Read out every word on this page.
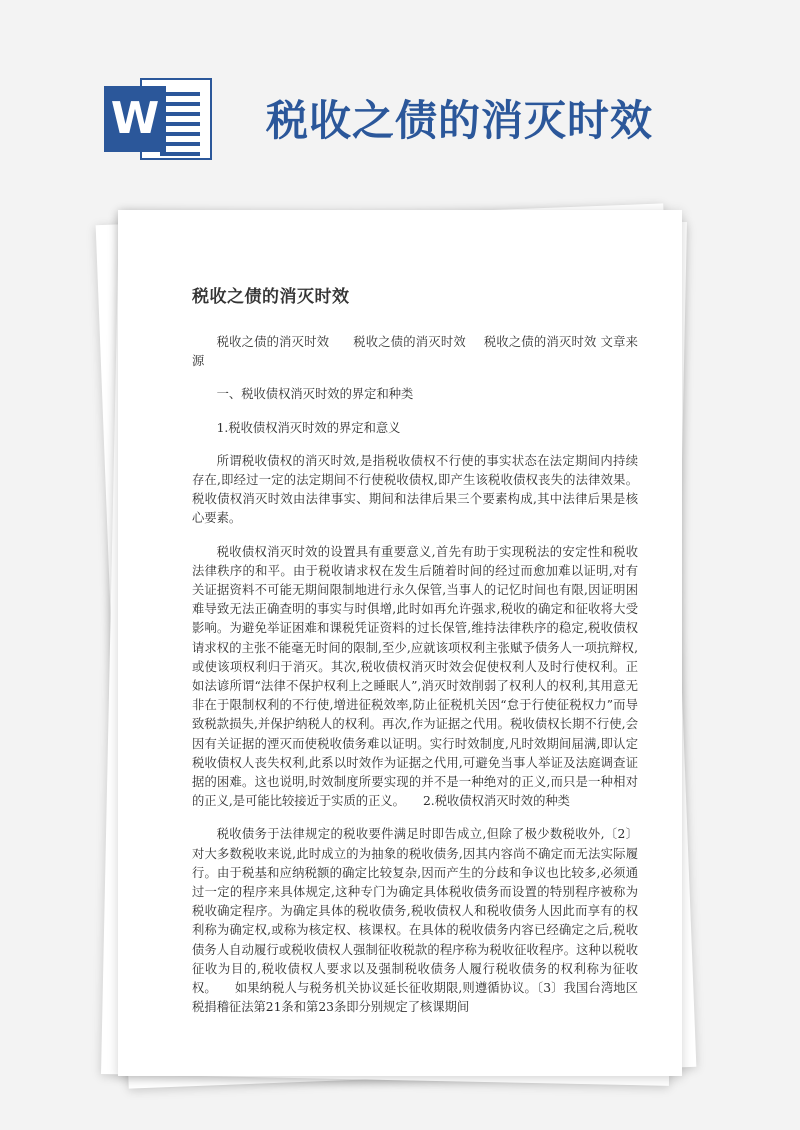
W	税收之债的消灭时效
税收之债的消灭时效

税收之债的消灭时效 税收之债的消灭时效 税收之债的消灭时效 文章来源

一、税收债权消灭时效的界定和种类

1.税收债权消灭时效的界定和意义

所谓税收债权的消灭时效,是指税收债权不行使的事实状态在法定期间内持续存在,即经过一定的法定期间不行使税收债权,即产生该税收债权丧失的法律效果。税收债权消灭时效由法律事实、期间和法律后果三个要素构成,其中法律后果是核心要素。

税收债权消灭时效的设置具有重要意义,首先有助于实现税法的安定性和税收法律秩序的和平。由于税收请求权在发生后随着时间的经过而愈加难以证明,对有关证据资料不可能无期间限制地进行永久保管,当事人的记忆时间也有限,因证明困难导致无法正确查明的事实与时俱增,此时如再允许强求,税收的确定和征收将大受影响。为避免举证困难和课税凭证资料的过长保管,维持法律秩序的稳定,税收债权请求权的主张不能毫无时间的限制,至少,应就该项权利主张赋予债务人一项抗辩权,或使该项权利归于消灭。其次,税收债权消灭时效会促使权利人及时行使权利。正如法谚所谓“法律不保护权利上之睡眠人”,消灭时效削弱了权利人的权利,其用意无非在于限制权利的不行使,增进征税效率,防止征税机关因“怠于行使征税权力”而导致税款损失,并保护纳税人的权利。再次,作为证据之代用。税收债权长期不行使,会因有关证据的湮灭而使税收债务难以证明。实行时效制度,凡时效期间届满,即认定税收债权人丧失权利,此系以时效作为证据之代用,可避免当事人举证及法庭调查证据的困难。这也说明,时效制度所要实现的并不是一种绝对的正义,而只是一种相对的正义,是可能比较接近于实质的正义。 2.税收债权消灭时效的种类

税收债务于法律规定的税收要件满足时即告成立,但除了极少数税收外,〔2〕对大多数税收来说,此时成立的为抽象的税收债务,因其内容尚不确定而无法实际履行。由于税基和应纳税额的确定比较复杂,因而产生的分歧和争议也比较多,必须通过一定的程序来具体规定,这种专门为确定具体税收债务而设置的特别程序被称为税收确定程序。为确定具体的税收债务,税收债权人和税收债务人因此而享有的权利称为确定权,或称为核定权、核课权。在具体的税收债务内容已经确定之后,税收债务人自动履行或税收债权人强制征收税款的程序称为税收征收程序。这种以税收征收为目的,税收债权人要求以及强制税收债务人履行税收债务的权利称为征收权。 如果纳税人与税务机关协议延长征收期限,则遵循协议。〔3〕我国台湾地区税捐稽征法第21条和第23条即分别规定了核课期间
